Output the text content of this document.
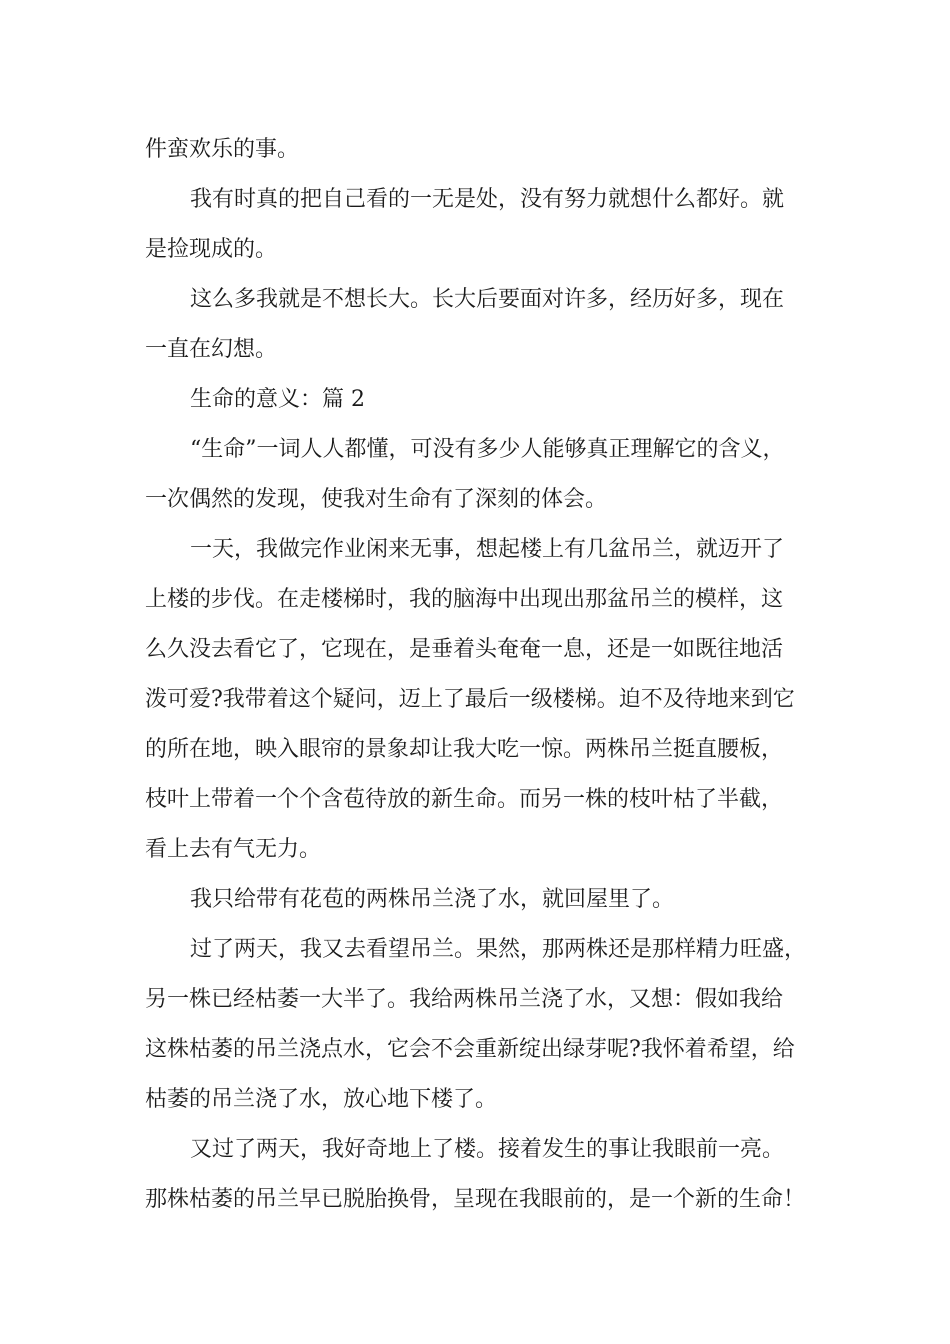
件蛮欢乐的事。
我有时真的把自己看的一无是处，没有努力就想什么都好。就
是捡现成的。
这么多我就是不想长大。长大后要面对许多，经历好多，现在
一直在幻想。
生命的意义：篇 2
“生命”一词人人都懂，可没有多少人能够真正理解它的含义，
一次偶然的发现，使我对生命有了深刻的体会。
一天，我做完作业闲来无事，想起楼上有几盆吊兰，就迈开了
上楼的步伐。在走楼梯时，我的脑海中出现出那盆吊兰的模样，这
么久没去看它了，它现在，是垂着头奄奄一息，还是一如既往地活
泼可爱?我带着这个疑问，迈上了最后一级楼梯。迫不及待地来到它
的所在地，映入眼帘的景象却让我大吃一惊。两株吊兰挺直腰板，
枝叶上带着一个个含苞待放的新生命。而另一株的枝叶枯了半截，
看上去有气无力。
我只给带有花苞的两株吊兰浇了水，就回屋里了。
过了两天，我又去看望吊兰。果然，那两株还是那样精力旺盛，
另一株已经枯萎一大半了。我给两株吊兰浇了水，又想：假如我给
这株枯萎的吊兰浇点水，它会不会重新绽出绿芽呢?我怀着希望，给
枯萎的吊兰浇了水，放心地下楼了。
又过了两天，我好奇地上了楼。接着发生的事让我眼前一亮。
那株枯萎的吊兰早已脱胎换骨，呈现在我眼前的，是一个新的生命！
